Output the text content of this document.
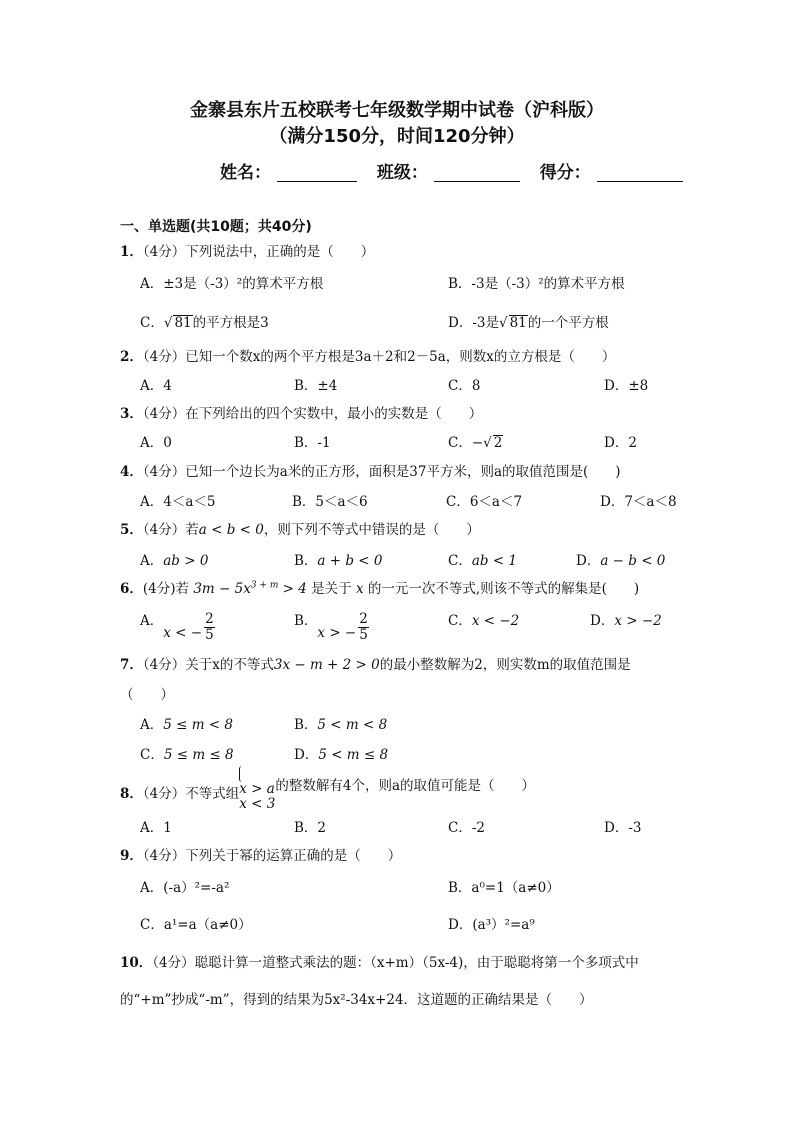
金寨县东片五校联考七年级数学期中试卷（沪科版）
（满分150分，时间120分钟）
姓名：	班级：	得分：
一、单选题(共10题；共40分)
1．（4分）下列说法中，正确的是（　　）
A．±3是（-3）²的算术平方根	B．-3是（-3）²的算术平方根
C．√ 81的平方根是3	D．-3是√ 81的一个平方根
2．（4分）已知一个数x的两个平方根是3a＋2和2－5a，则数x的立方根是（　　）
A．4	B．±4	C．8	D．±8
3．（4分）在下列给出的四个实数中，最小的实数是（　　）
A．0	B．-1	C．−√ 2	D．2
4．（4分）已知一个边长为a米的正方形，面积是37平方米，则a的取值范围是(　　)
A．4＜a＜5	B．5＜a＜6	C．6＜a＜7	D．7＜a＜8
5．（4分）若a < b < 0，则下列不等式中错误的是（　　）
A．ab > 0	B．a + b < 0	C．ab < 1	D．a − b < 0
6．(4分)若 $3m - 5x^{3 + m} > 4$ 是关于 x 的一元一次不等式,则该不等式的解集是(　　)
A．x < − $\frac{2}{5}$	B．x > − $\frac{2}{5}$	C．x < −2	D．x > −2
7．（4分）关于x的不等式3x − m + 2 > 0的最小整数解为2，则实数m的取值范围是
（　　）
A．5 ≤ m < 8	B．5 < m < 8
C．5 ≤ m ≤ 8	D．5 < m ≤ 8
8．（4分）不等式组 x > a
x < 3
的整数解有4个，则a的取值可能是（　　）
A．1	B．2	C．-2	D．-3
9．（4分）下列关于幂的运算正确的是（　　）
A．(-a）²=-a²	B．a⁰=1（a≠0）
C．a¹=a（a≠0）	D．(a³）²=a⁹
10．（4分）聪聪计算一道整式乘法的题：（x+m）（5x-4)，由于聪聪将第一个多项式中
的“+m”抄成“-m”，得到的结果为5x²-34x+24．这道题的正确结果是（　　）
